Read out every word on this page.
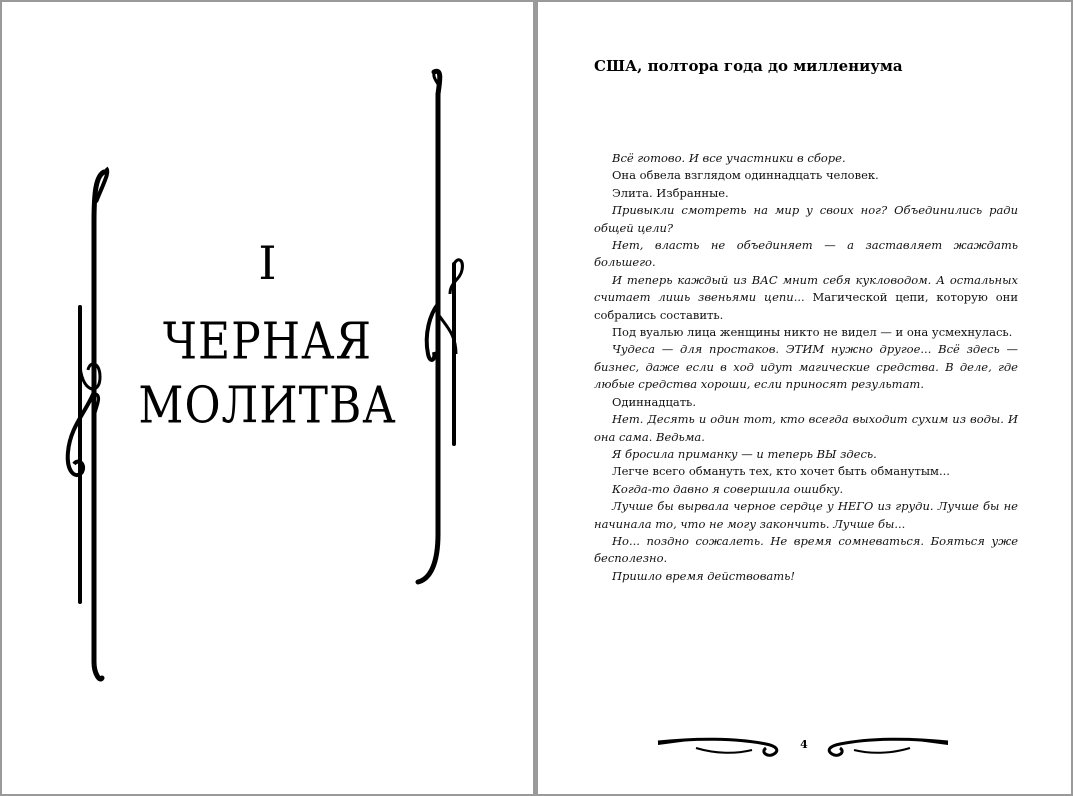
I
ЧЕРНАЯ
МОЛИТВА
США, полтора года до миллениума

Всё готово. И все участники в сборе.

Она обвела взглядом одиннадцать человек.

Элита. Избранные.

Привыкли смотреть на мир у своих ног? Объединились ради общей цели?

Нет, власть не объединяет — а заставляет жаждать большего.

И теперь каждый из ВАС мнит себя кукловодом. А остальных считает лишь звеньями цепи... Магической цепи, которую они собрались составить.

Под вуалью лица женщины никто не видел — и она усмехнулась.

Чудеса — для простаков. ЭТИМ нужно другое... Всё здесь — бизнес, даже если в ход идут магические средства. В деле, где любые средства хороши, если приносят результат.

Одиннадцать.

Нет. Десять и один тот, кто всегда выходит сухим из воды. И она сама. Ведьма.

Я бросила приманку — и теперь ВЫ здесь.

Легче всего обмануть тех, кто хочет быть обманутым...

Когда-то давно я совершила ошибку.

Лучше бы вырвала черное сердце у НЕГО из груди. Лучше бы не начинала то, что не могу закончить. Лучше бы...

Но... поздно сожалеть. Не время сомневаться. Бояться уже бесполезно.

Пришло время действовать!

4
